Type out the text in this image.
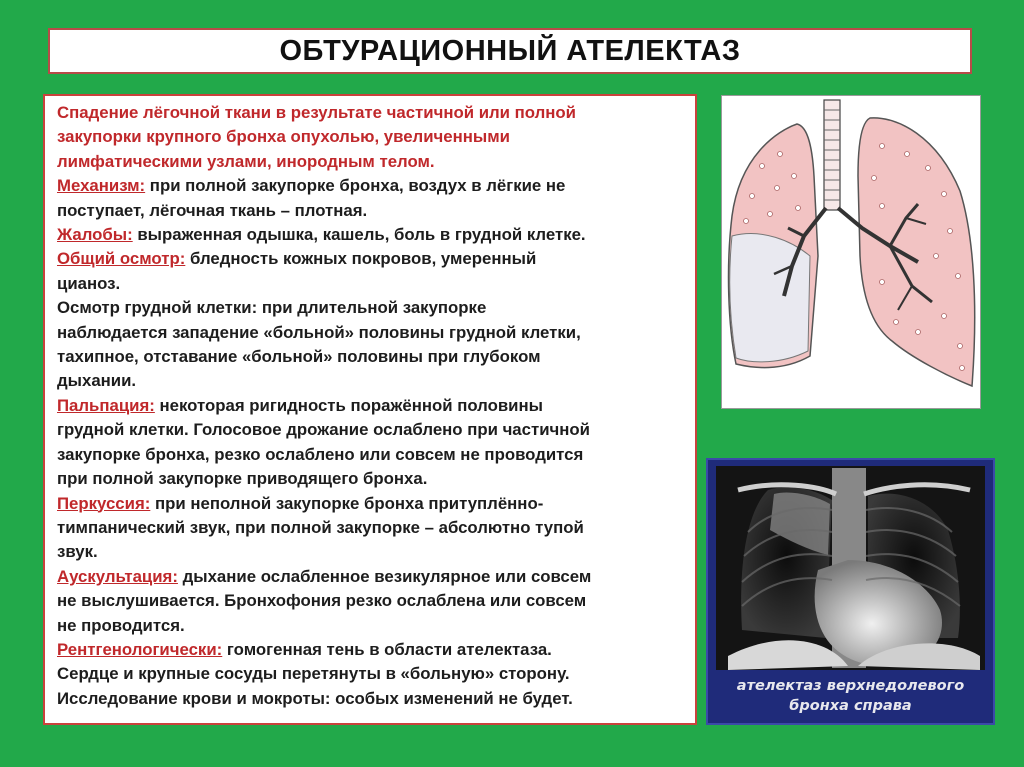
ОБТУРАЦИОННЫЙ АТЕЛЕКТАЗ

Спадение лёгочной ткани в результате частичной или полной

закупорки крупного бронха опухолью, увеличенными

лимфатическими узлами, инородным телом.

Механизм: при полной закупорке бронха, воздух в лёгкие не

поступает, лёгочная ткань – плотная.

Жалобы: выраженная одышка, кашель, боль в грудной клетке.

Общий осмотр: бледность кожных покровов, умеренный

цианоз.

Осмотр грудной клетки: при длительной закупорке

наблюдается западение «больной» половины грудной клетки,

тахипное, отставание «больной» половины при глубоком

дыхании.

Пальпация: некоторая ригидность поражённой половины

грудной клетки. Голосовое дрожание ослаблено при частичной

закупорке бронха, резко ослаблено или совсем не проводится

при полной закупорке приводящего бронха.

Перкуссия: при неполной закупорке бронха притуплённо-

тимпанический звук, при полной закупорке – абсолютно тупой

звук.

Аускультация: дыхание ослабленное везикулярное или совсем

не выслушивается. Бронхофония резко ослаблена или совсем

не проводится.

Рентгенологически: гомогенная тень в области ателектаза.

Сердце и крупные сосуды перетянуты в «больную» сторону.

Исследование крови и мокроты: особых изменений не будет.

ателектаз верхнедолевого
бронха справа
